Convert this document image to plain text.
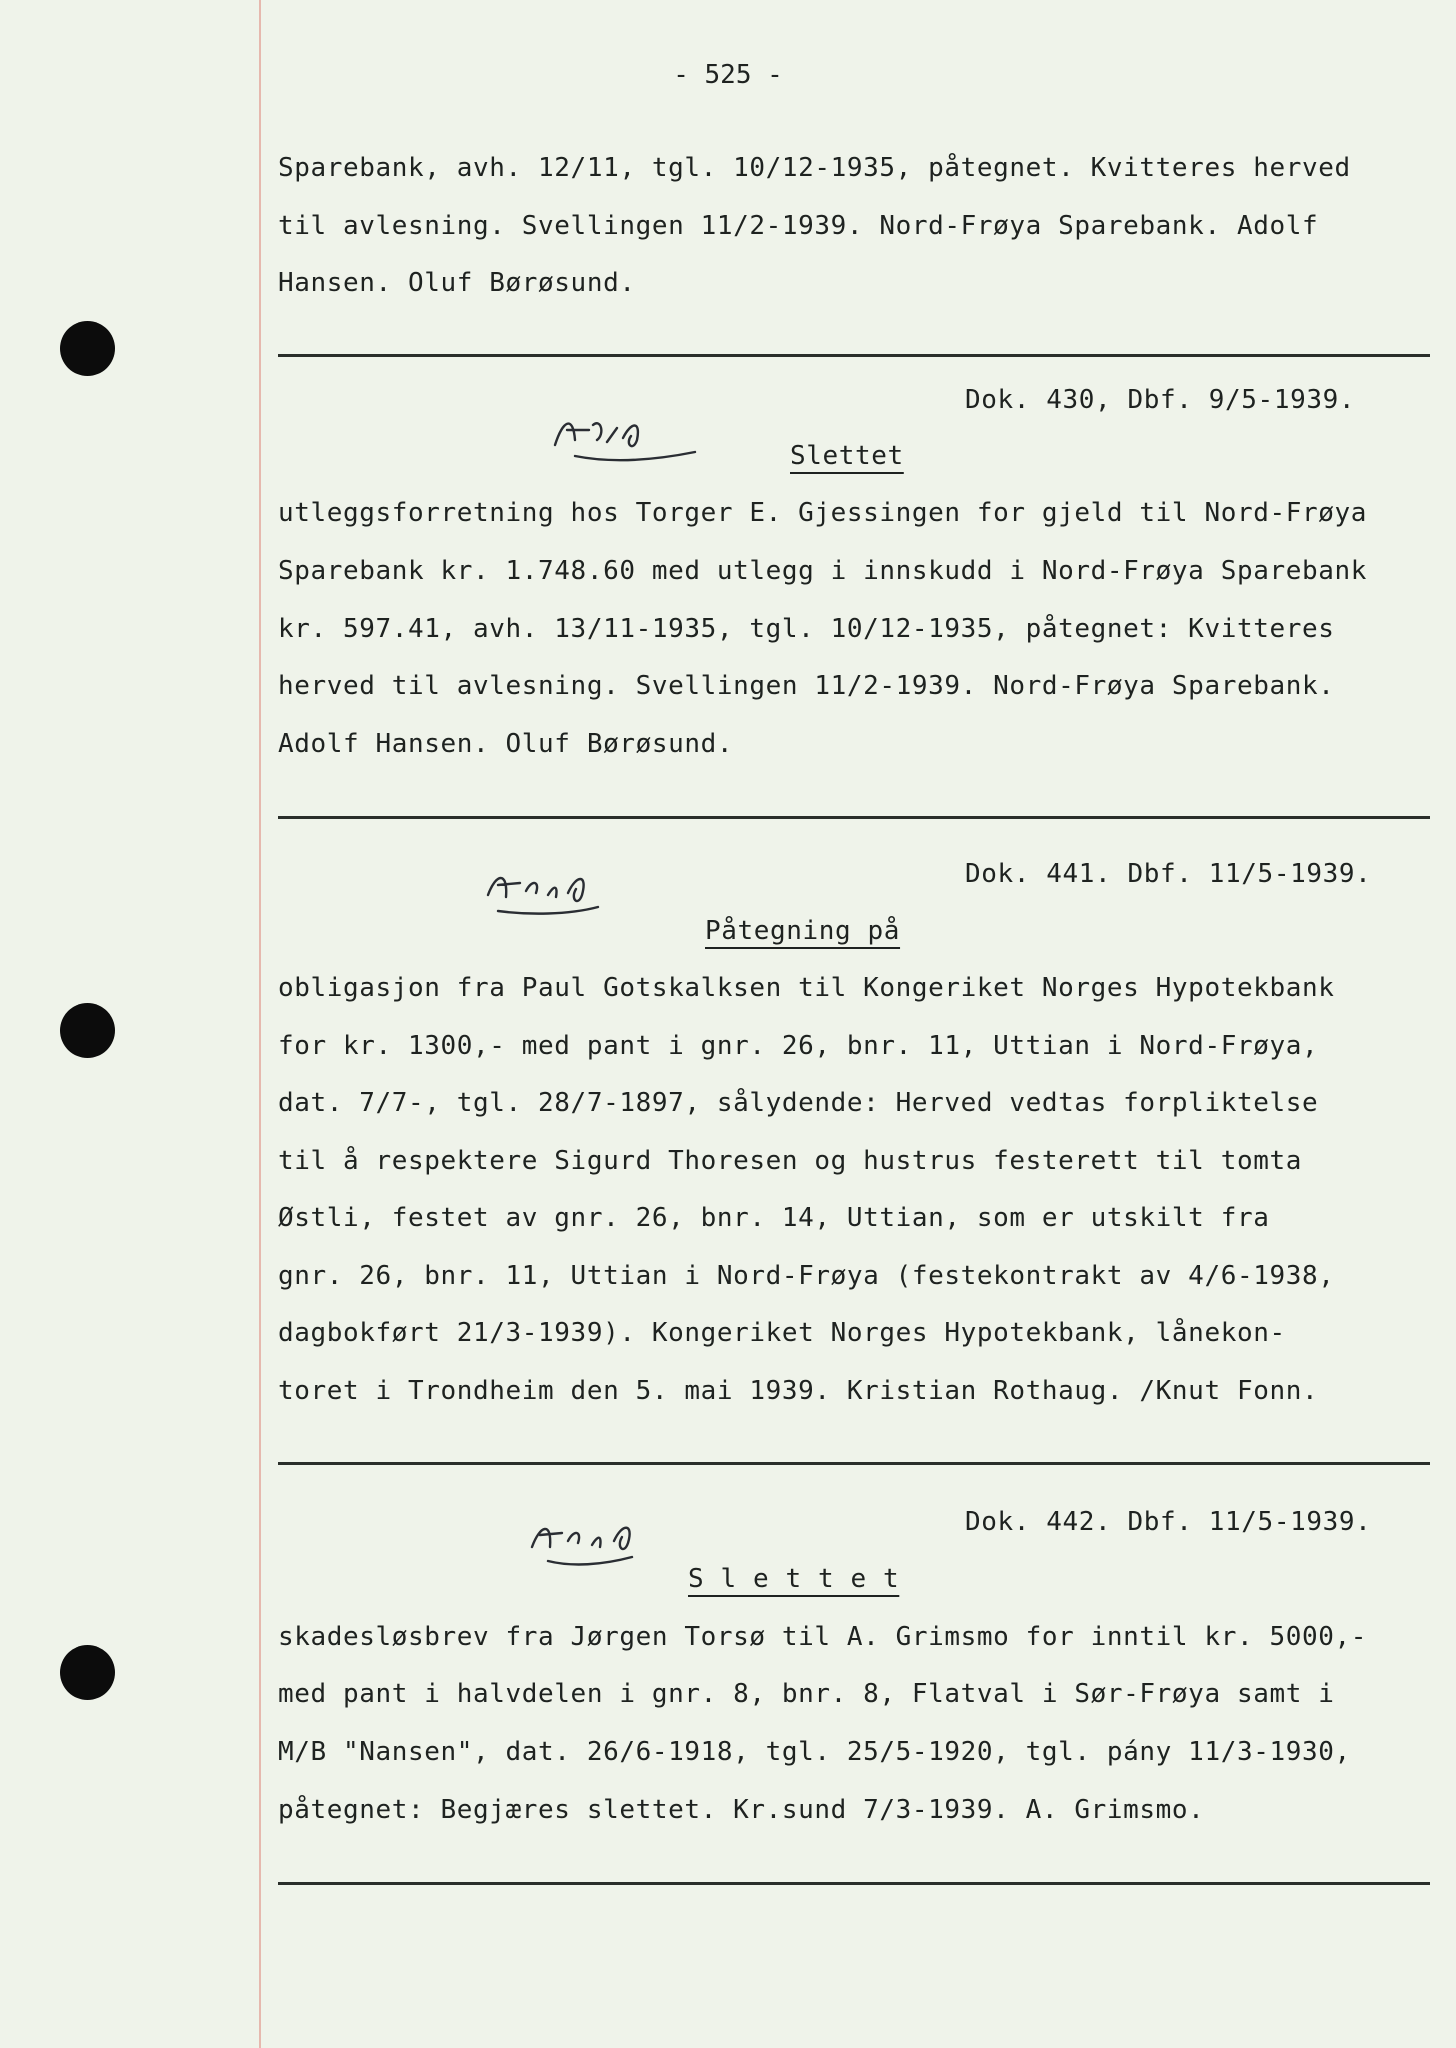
- 525 -
Sparebank, avh. 12/11, tgl. 10/12-1935, påtegnet. Kvitteres herved
til avlesning. Svellingen 11/2-1939. Nord-Frøya Sparebank. Adolf
Hansen. Oluf Børøsund.
Dok. 430, Dbf. 9/5-1939.
Slettet
utleggsforretning hos Torger E. Gjessingen for gjeld til Nord-Frøya
Sparebank kr. 1.748.60 med utlegg i innskudd i Nord-Frøya Sparebank
kr. 597.41, avh. 13/11-1935, tgl. 10/12-1935, påtegnet: Kvitteres
herved til avlesning. Svellingen 11/2-1939. Nord-Frøya Sparebank.
Adolf Hansen. Oluf Børøsund.
Dok. 441. Dbf. 11/5-1939.
Påtegning på
obligasjon fra Paul Gotskalksen til Kongeriket Norges Hypotekbank
for kr. 1300,- med pant i gnr. 26, bnr. 11, Uttian i Nord-Frøya,
dat. 7/7-, tgl. 28/7-1897, sålydende: Herved vedtas forpliktelse
til å respektere Sigurd Thoresen og hustrus festerett til tomta
Østli, festet av gnr. 26, bnr. 14, Uttian, som er utskilt fra
gnr. 26, bnr. 11, Uttian i Nord-Frøya (festekontrakt av 4/6-1938,
dagbokført 21/3-1939). Kongeriket Norges Hypotekbank, lånekon-
toret i Trondheim den 5. mai 1939. Kristian Rothaug. /Knut Fonn.
Dok. 442. Dbf. 11/5-1939.
S l e t t e t
skadesløsbrev fra Jørgen Torsø til A. Grimsmo for inntil kr. 5000,-
med pant i halvdelen i gnr. 8, bnr. 8, Flatval i Sør-Frøya samt i
M/B "Nansen", dat. 26/6-1918, tgl. 25/5-1920, tgl. pány 11/3-1930,
påtegnet: Begjæres slettet. Kr.sund 7/3-1939. A. Grimsmo.
